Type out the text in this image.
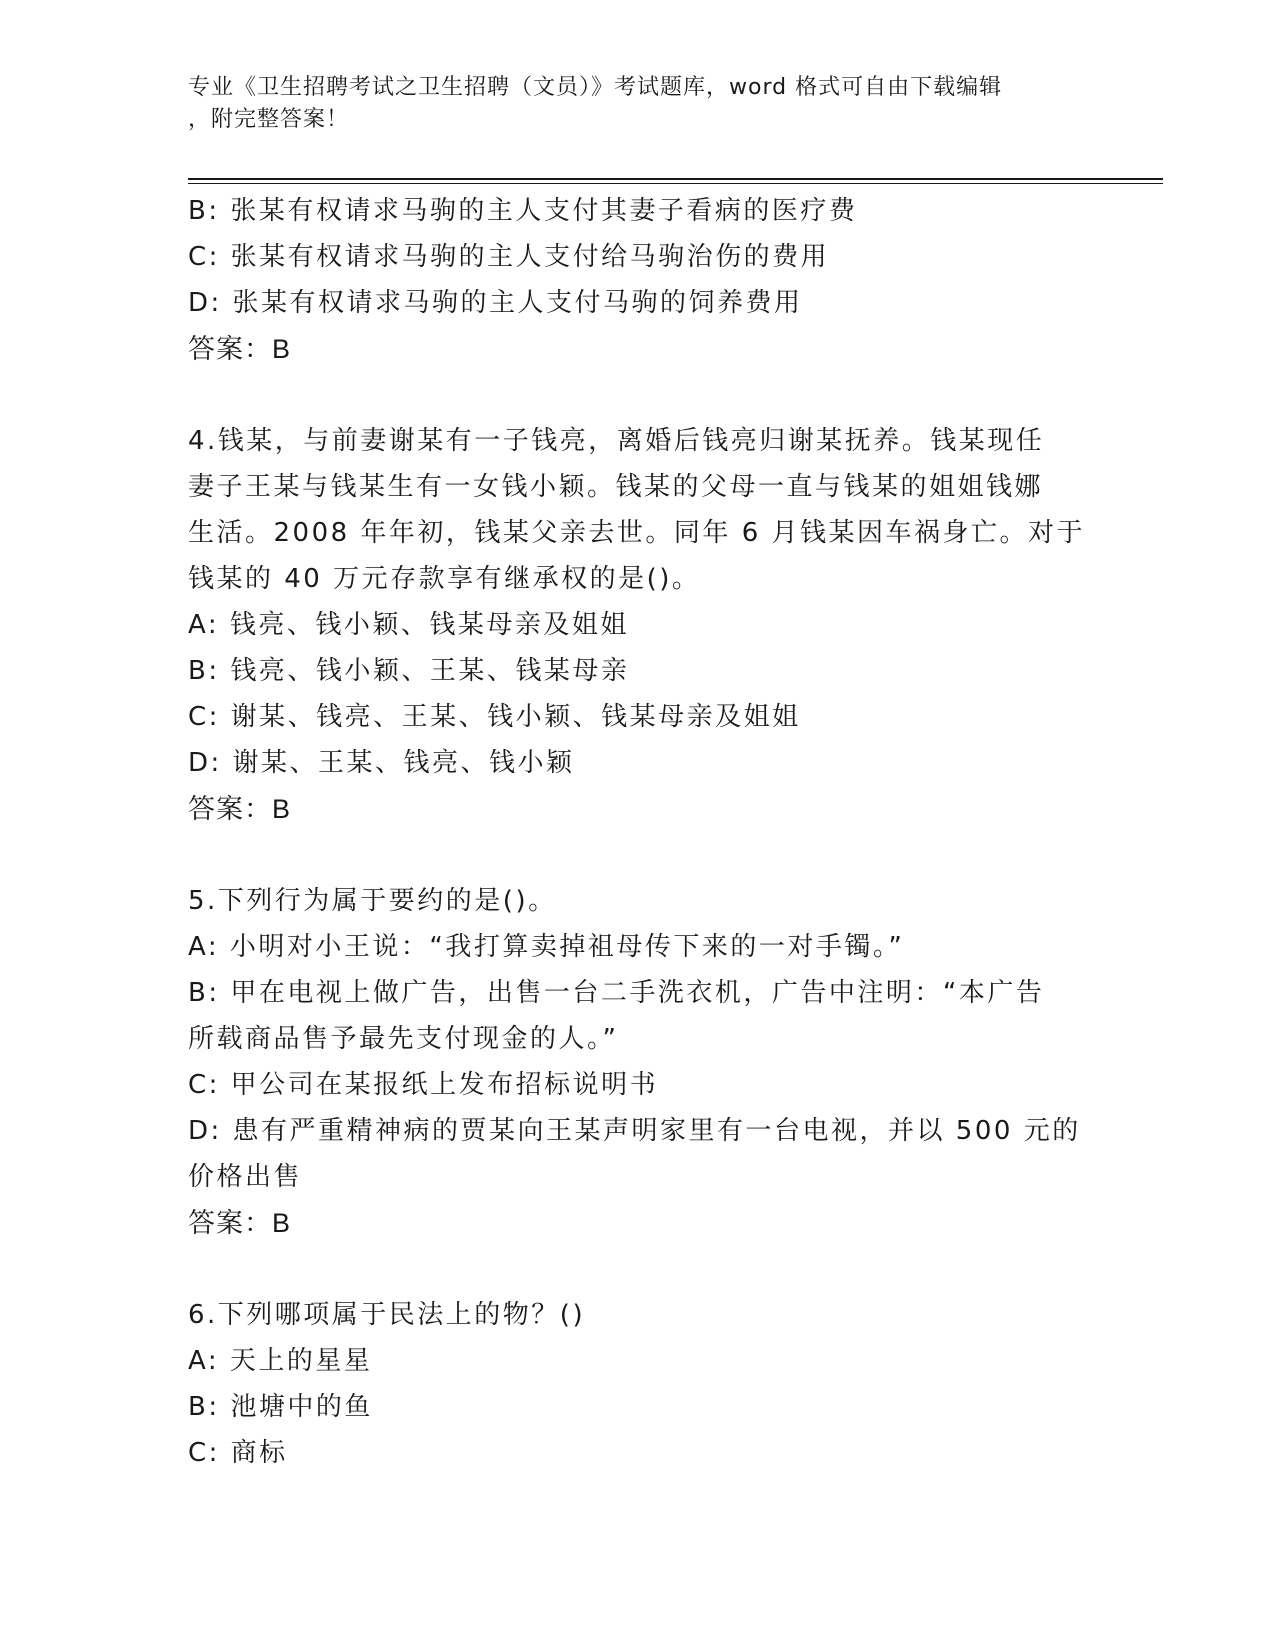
专业《卫生招聘考试之卫生招聘（文员）》考试题库，word 格式可自由下载编辑
，附完整答案！
B: 张某有权请求马驹的主人支付其妻子看病的医疗费
C: 张某有权请求马驹的主人支付给马驹治伤的费用
D: 张某有权请求马驹的主人支付马驹的饲养费用
答案：B
4.钱某，与前妻谢某有一子钱亮，离婚后钱亮归谢某抚养。钱某现任
妻子王某与钱某生有一女钱小颖。钱某的父母一直与钱某的姐姐钱娜
生活。2008 年年初，钱某父亲去世。同年 6 月钱某因车祸身亡。对于
钱某的 40 万元存款享有继承权的是()。
A: 钱亮、钱小颖、钱某母亲及姐姐
B: 钱亮、钱小颖、王某、钱某母亲
C: 谢某、钱亮、王某、钱小颖、钱某母亲及姐姐
D: 谢某、王某、钱亮、钱小颖
答案：B
5.下列行为属于要约的是()。
A: 小明对小王说：“我打算卖掉祖母传下来的一对手镯。”
B: 甲在电视上做广告，出售一台二手洗衣机，广告中注明：“本广告
所载商品售予最先支付现金的人。”
C: 甲公司在某报纸上发布招标说明书
D: 患有严重精神病的贾某向王某声明家里有一台电视，并以 500 元的
价格出售
答案：B
6.下列哪项属于民法上的物？()
A: 天上的星星
B: 池塘中的鱼
C: 商标
